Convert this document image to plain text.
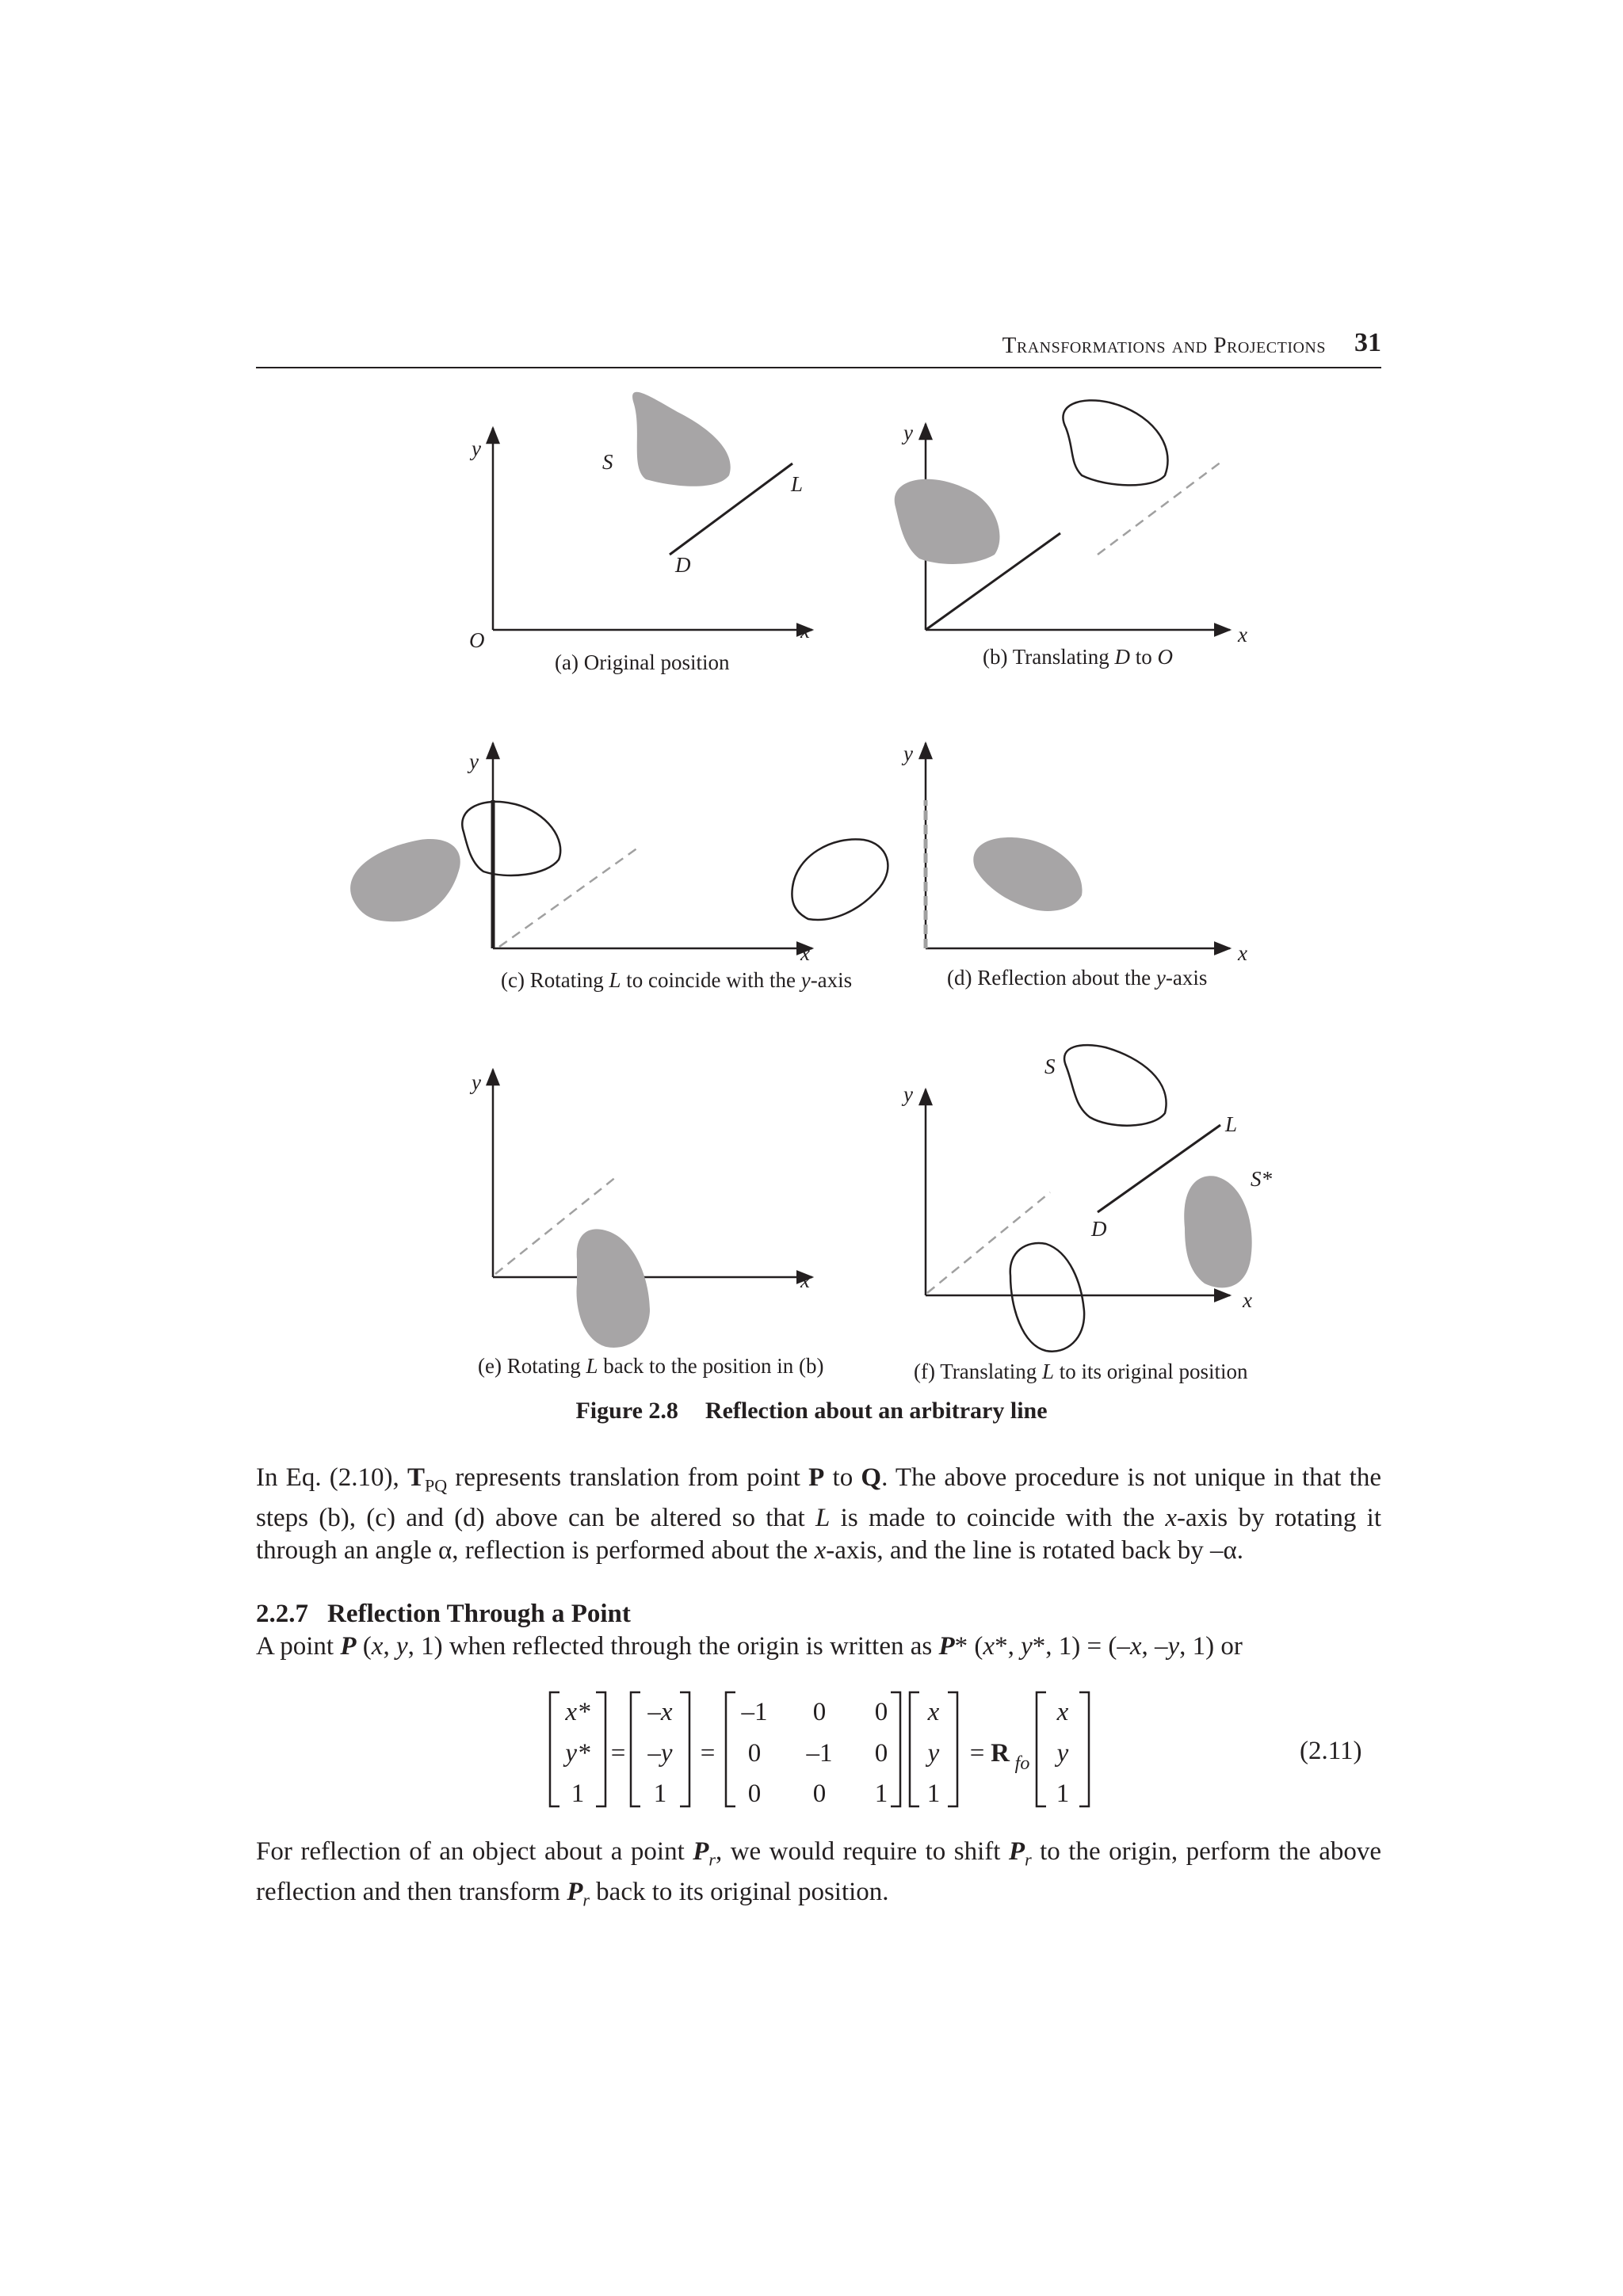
Transformations and Projections 31
y
x
O
S
L
D
(a) Original position
y
x
(b) Translating D to O
y
x
(c) Rotating L to coincide with the y-axis
y
x
(d) Reflection about the y-axis
y
x
(e) Rotating L back to the position in (b)
y
x
S
L
D
S*
(f) Translating L to its original position
Figure 2.8 Reflection about an arbitrary line
In Eq. (2.10), $T_{PQ}$ represents translation from point P to Q. The above procedure is not unique in that the steps (b), (c) and (d) above can be altered so that L is made to coincide with the x-axis by rotating it through an angle α, reflection is performed about the x-axis, and the line is rotated back by –α.
2.2.7 Reflection Through a Point
A point P (x, y, 1) when reflected through the origin is written as P* (x*, y*, 1) = (–x, –y, 1) or
x*
y*
1
=
–x
–y
1
=
–1 0 0
0 –1 0
0 0 1
x
y
1
= R fo
x
y
1
(2.11)
For reflection of an object about a point $P_r$, we would require to shift $P_r$ to the origin, perform the above reflection and then transform $P_r$ back to its original position.
